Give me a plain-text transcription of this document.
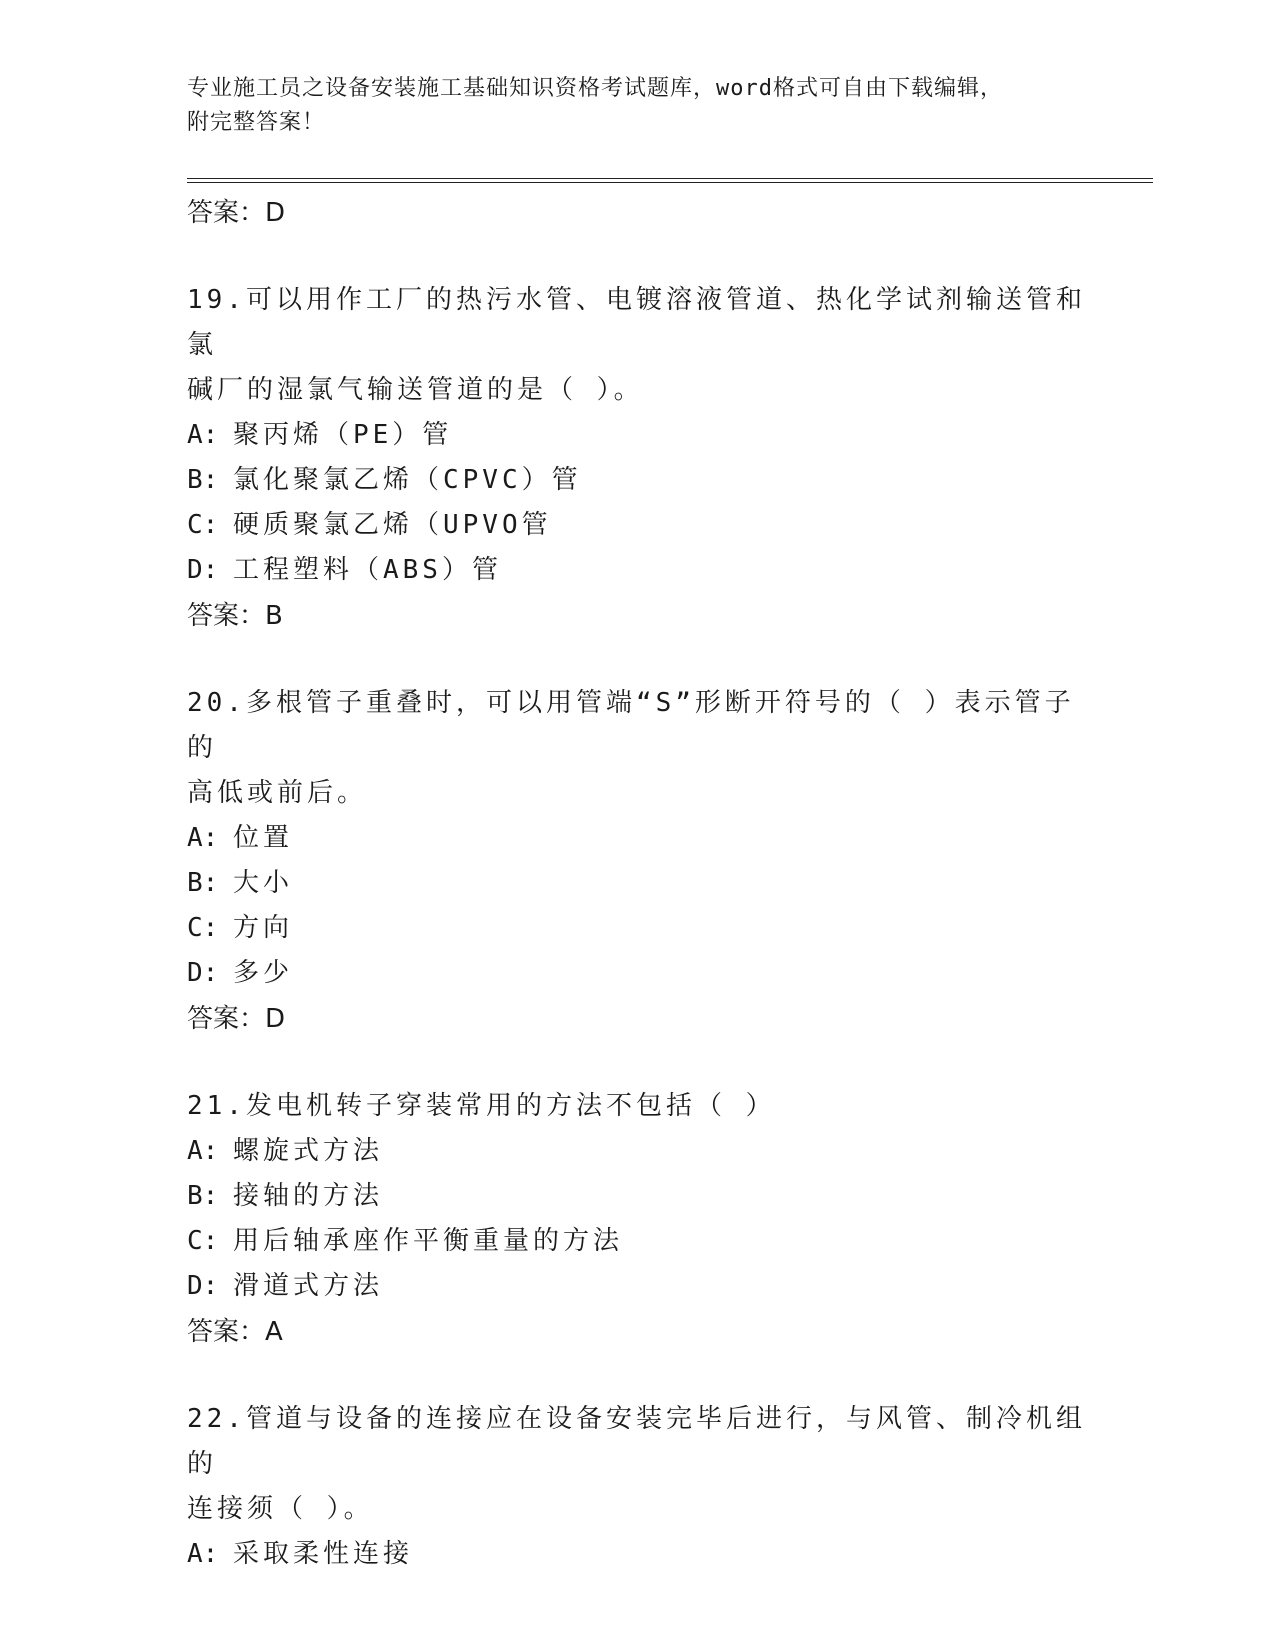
专业施工员之设备安装施工基础知识资格考试题库，word格式可自由下载编辑，
附完整答案！
答案：D
19.可以用作工厂的热污水管、电镀溶液管道、热化学试剂输送管和氯
碱厂的湿氯气输送管道的是（ ）。
A: 聚丙烯（PE）管
B: 氯化聚氯乙烯（CPVC）管
C: 硬质聚氯乙烯（UPVO管
D: 工程塑料（ABS）管
答案：B
20.多根管子重叠时，可以用管端“S”形断开符号的（ ）表示管子的
高低或前后。
A: 位置
B: 大小
C: 方向
D: 多少
答案：D
21.发电机转子穿装常用的方法不包括（ ）
A: 螺旋式方法
B: 接轴的方法
C: 用后轴承座作平衡重量的方法
D: 滑道式方法
答案：A
22.管道与设备的连接应在设备安装完毕后进行，与风管、制冷机组的
连接须（ ）。
A: 采取柔性连接
